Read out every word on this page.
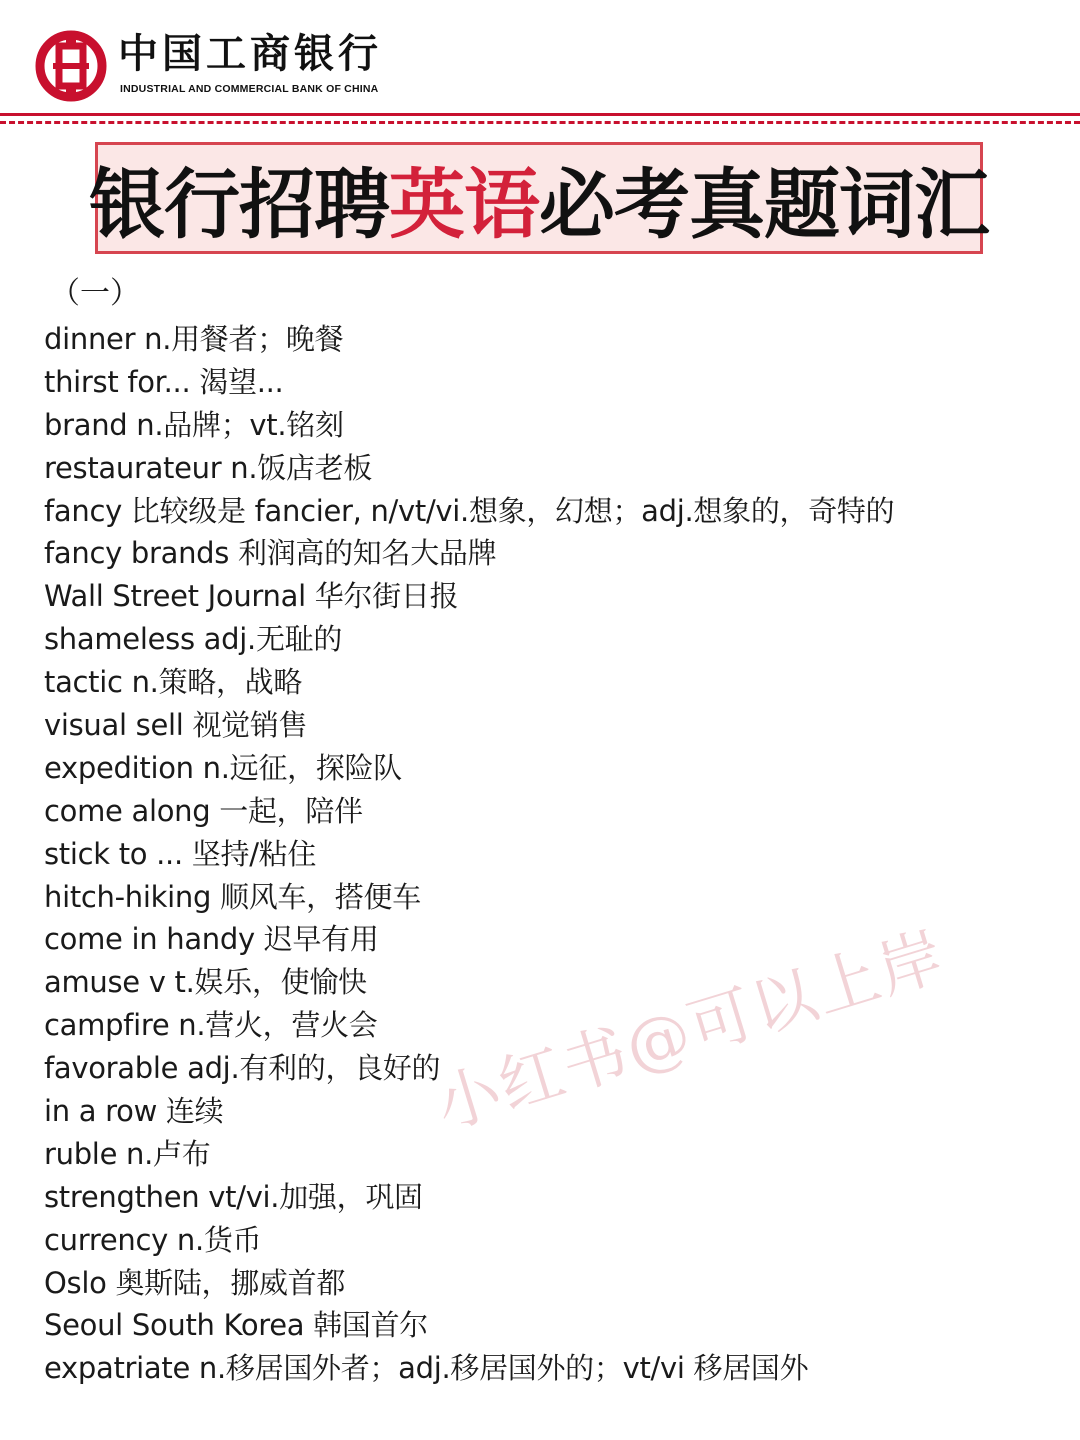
中国工商银行
INDUSTRIAL AND COMMERCIAL BANK OF CHINA
银行招聘英语必考真题词汇
（一）
dinner n.用餐者；晚餐
thirst for... 渴望...
brand n.品牌；vt.铭刻
restaurateur n.饭店老板
fancy 比较级是 fancier, n/vt/vi.想象，幻想；adj.想象的，奇特的
fancy brands 利润高的知名大品牌
Wall Street Journal 华尔街日报
shameless adj.无耻的
tactic n.策略，战略
visual sell 视觉销售
expedition n.远征，探险队
come along 一起，陪伴
stick to ... 坚持/粘住
hitch-hiking 顺风车，搭便车
come in handy 迟早有用
amuse v t.娱乐，使愉快
campfire n.营火，营火会
favorable adj.有利的，良好的
in a row 连续
ruble n.卢布
strengthen vt/vi.加强，巩固
currency n.货币
Oslo 奥斯陆，挪威首都
Seoul South Korea 韩国首尔
expatriate n.移居国外者；adj.移居国外的；vt/vi 移居国外
小红书@可以上岸
